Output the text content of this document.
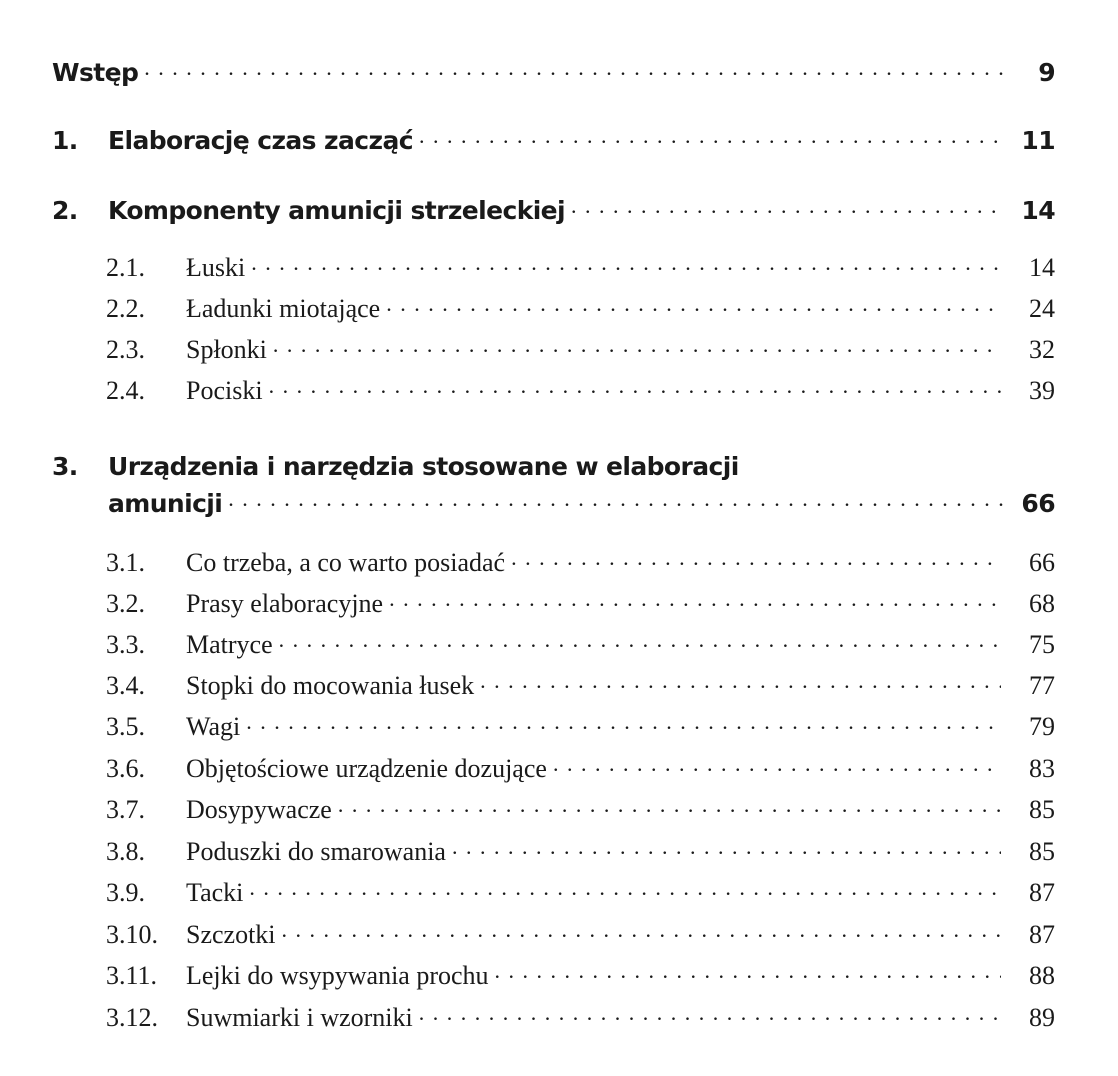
Wstęp . . .	9
1.	Elaborację czas zacząć . . .	11
2.	Komponenty amunicji strzeleckiej . . .	14
2.1.	Łuski . . .	14
2.2.	Ładunki miotające . . .	24
2.3.	Spłonki . . .	32
2.4.	Pociski . . .	39
3.	Urządzenia i narzędzia stosowane w elaboracji
amunicji . . .	66
3.1.	Co trzeba, a co warto posiadać . . .	66
3.2.	Prasy elaboracyjne . . .	68
3.3.	Matryce . . .	75
3.4.	Stopki do mocowania łusek . . .	77
3.5.	Wagi . . .	79
3.6.	Objętościowe urządzenie dozujące . . .	83
3.7.	Dosypywacze . . .	85
3.8.	Poduszki do smarowania . . .	85
3.9.	Tacki . . .	87
3.10.	Szczotki . . .	87
3.11.	Lejki do wsypywania prochu . . .	88
3.12.	Suwmiarki i wzorniki . . .	89
